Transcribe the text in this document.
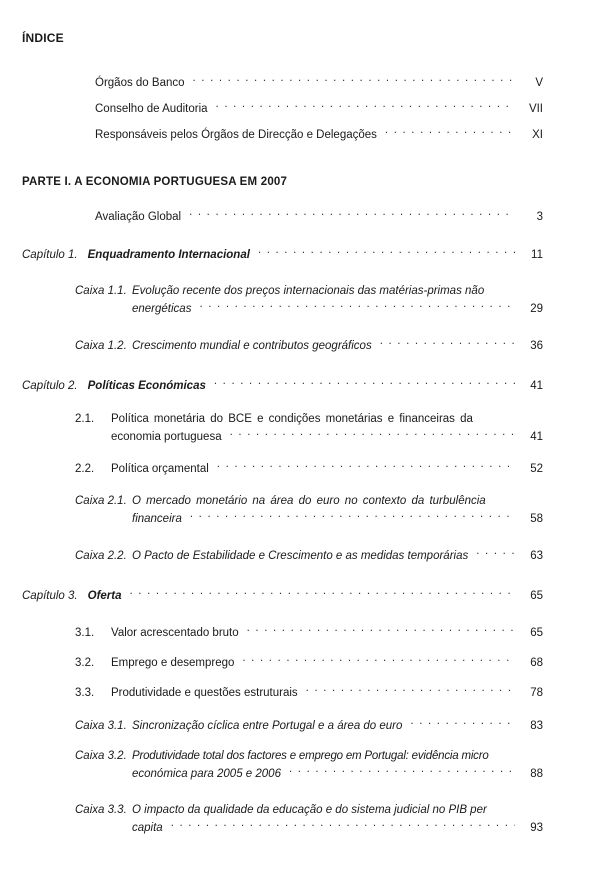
ÍNDICE
Órgãos do Banco . . .	V
Conselho de Auditoria . . .	VII
Responsáveis pelos Órgãos de Direcção e Delegações . . .	XI
PARTE I. A ECONOMIA PORTUGUESA EM 2007
Avaliação Global . . .	3
Capítulo 1. Enquadramento Internacional . . .	11
Caixa 1.1. Evolução recente dos preços internacionais das matérias-primas não
energéticas . . .	29
Caixa 1.2. Crescimento mundial e contributos geográficos . . .	36
Capítulo 2. Políticas Económicas . . .	41
2.1.	Política monetária do BCE e condições monetárias e financeiras da
economia portuguesa . . .	41
2.2.	Política orçamental . . .	52
Caixa 2.1. O mercado monetário na área do euro no contexto da turbulência
financeira . . .	58
Caixa 2.2. O Pacto de Estabilidade e Crescimento e as medidas temporárias . . .	63
Capítulo 3. Oferta . . .	65
3.1.	Valor acrescentado bruto . . .	65
3.2.	Emprego e desemprego . . .	68
3.3.	Produtividade e questões estruturais . . .	78
Caixa 3.1. Sincronização cíclica entre Portugal e a área do euro . . .	83
Caixa 3.2. Produtividade total dos factores e emprego em Portugal: evidência micro
económica para 2005 e 2006 . . .	88
Caixa 3.3. O impacto da qualidade da educação e do sistema judicial no PIB per
capita . . .	93
